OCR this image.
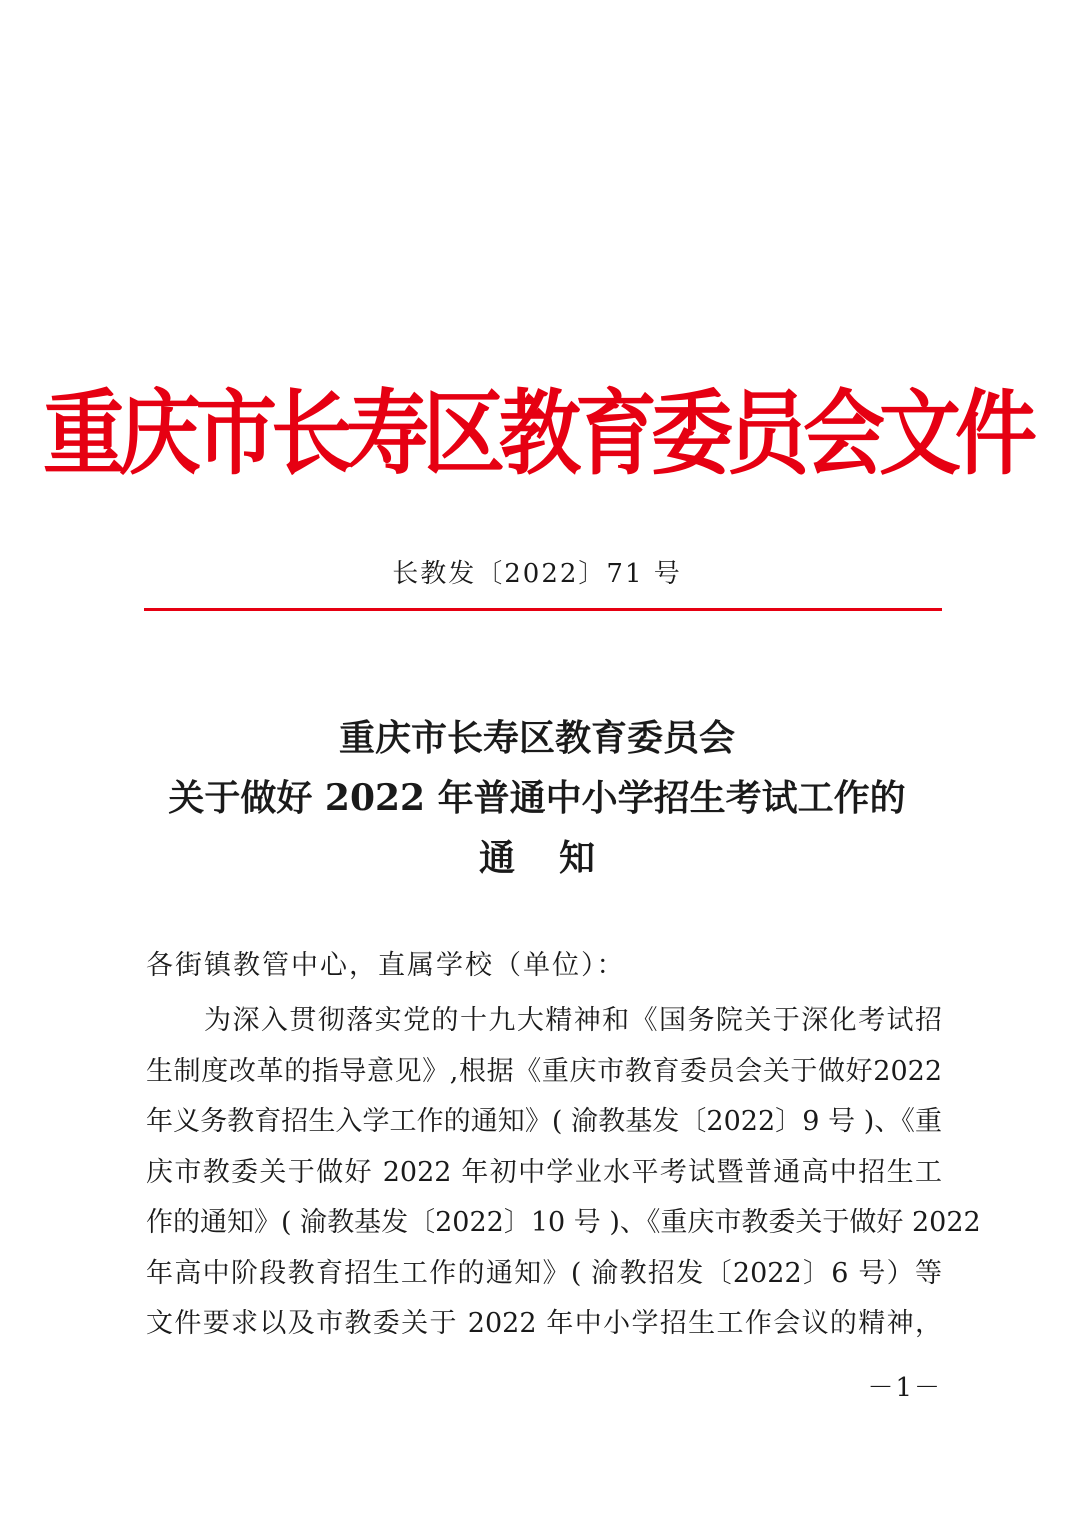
重庆市长寿区教育委员会文件
长教发〔2022〕71 号
重庆市长寿区教育委员会
关于做好 2022 年普通中小学招生考试工作的
通知
各街镇教管中心，直属学校（单位）：
为深入贯彻落实党的十九大精神和《国务院关于深化考试招
生制度改革的指导意见》,根据《重庆市教育委员会关于做好2022
年义务教育招生入学工作的通知》( 渝教基发〔2022〕9 号 )、《重
庆市教委关于做好 2022 年初中学业水平考试暨普通高中招生工
作的通知》( 渝教基发〔2022〕10 号 )、《重庆市教委关于做好 2022
年高中阶段教育招生工作的通知》( 渝教招发〔2022〕6 号）等
文件要求以及市教委关于 2022 年中小学招生工作会议的精神，
－1－
